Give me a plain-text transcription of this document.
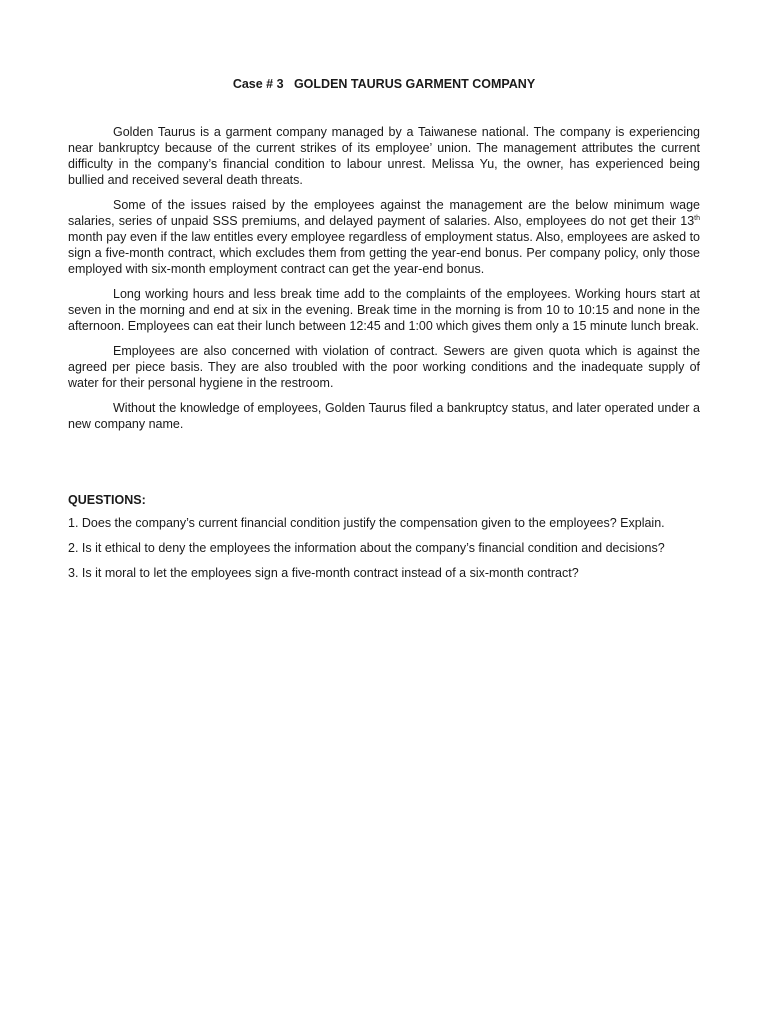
Case # 3   GOLDEN TAURUS GARMENT COMPANY

Golden Taurus is a garment company managed by a Taiwanese national. The company is experiencing near bankruptcy because of the current strikes of its employee’ union. The management attributes the current difficulty in the company’s financial condition to labour unrest. Melissa Yu, the owner, has experienced being bullied and received several death threats.

Some of the issues raised by the employees against the management are the below minimum wage salaries, series of unpaid SSS premiums, and delayed payment of salaries. Also, employees do not get their 13th month pay even if the law entitles every employee regardless of employment status. Also, employees are asked to sign a five-month contract, which excludes them from getting the year-end bonus. Per company policy, only those employed with six-month employment contract can get the year-end bonus.

Long working hours and less break time add to the complaints of the employees. Working hours start at seven in the morning and end at six in the evening. Break time in the morning is from 10 to 10:15 and none in the afternoon. Employees can eat their lunch between 12:45 and 1:00 which gives them only a 15 minute lunch break.

Employees are also concerned with violation of contract. Sewers are given quota which is against the agreed per piece basis. They are also troubled with the poor working conditions and the inadequate supply of water for their personal hygiene in the restroom.

Without the knowledge of employees, Golden Taurus filed a bankruptcy status, and later operated under a new company name.

QUESTIONS:

1. Does the company’s current financial condition justify the compensation given to the employees? Explain.

2. Is it ethical to deny the employees the information about the company’s financial condition and decisions?

3. Is it moral to let the employees sign a five-month contract instead of a six-month contract?
